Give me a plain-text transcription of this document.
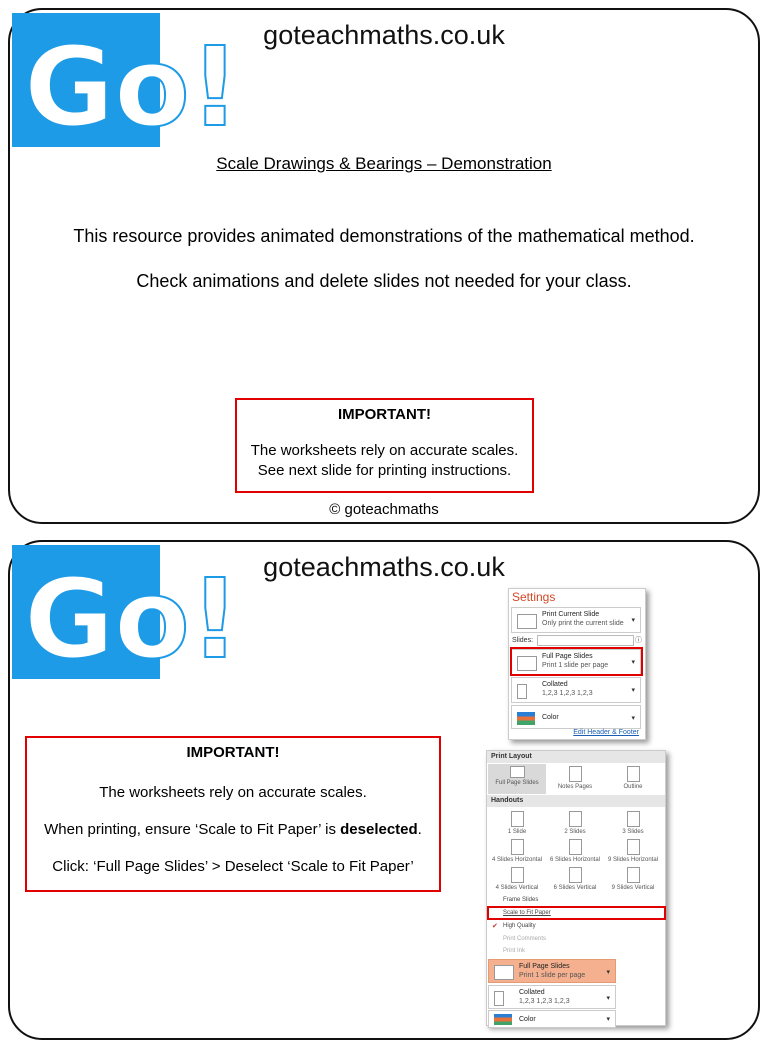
Go! goteachmaths.co.uk
Scale Drawings & Bearings – Demonstration
This resource provides animated demonstrations of the mathematical method.
Check animations and delete slides not needed for your class.
IMPORTANT!
The worksheets rely on accurate scales.
See next slide for printing instructions.
© goteachmaths
Go! goteachmaths.co.uk
IMPORTANT!
The worksheets rely on accurate scales.
When printing, ensure ‘Scale to Fit Paper’ is deselected.
Click: ‘Full Page Slides’ > Deselect ‘Scale to Fit Paper’
Settings
Print Current Slide
Only print the current slide ▾
Slides:	ⓘ
Full Page Slides
Print 1 slide per page	▾
Collated
1,2,3 1,2,3 1,2,3	▾
Color	▾
Edit Header & Footer
Print Layout
Full Page Slides
Notes Pages	Outline
Handouts
1 Slide	2 Slides	3 Slides
4 Slides Horizontal	6 Slides Horizontal	9 Slides Horizontal
4 Slides Vertical	6 Slides Vertical	9 Slides Vertical
Frame Slides
Scale to Fit Paper
✔ High Quality
Print Comments
Print Ink
Full Page Slides
Print 1 slide per page	▾
Collated
1,2,3 1,2,3 1,2,3	▾
Color	▾
